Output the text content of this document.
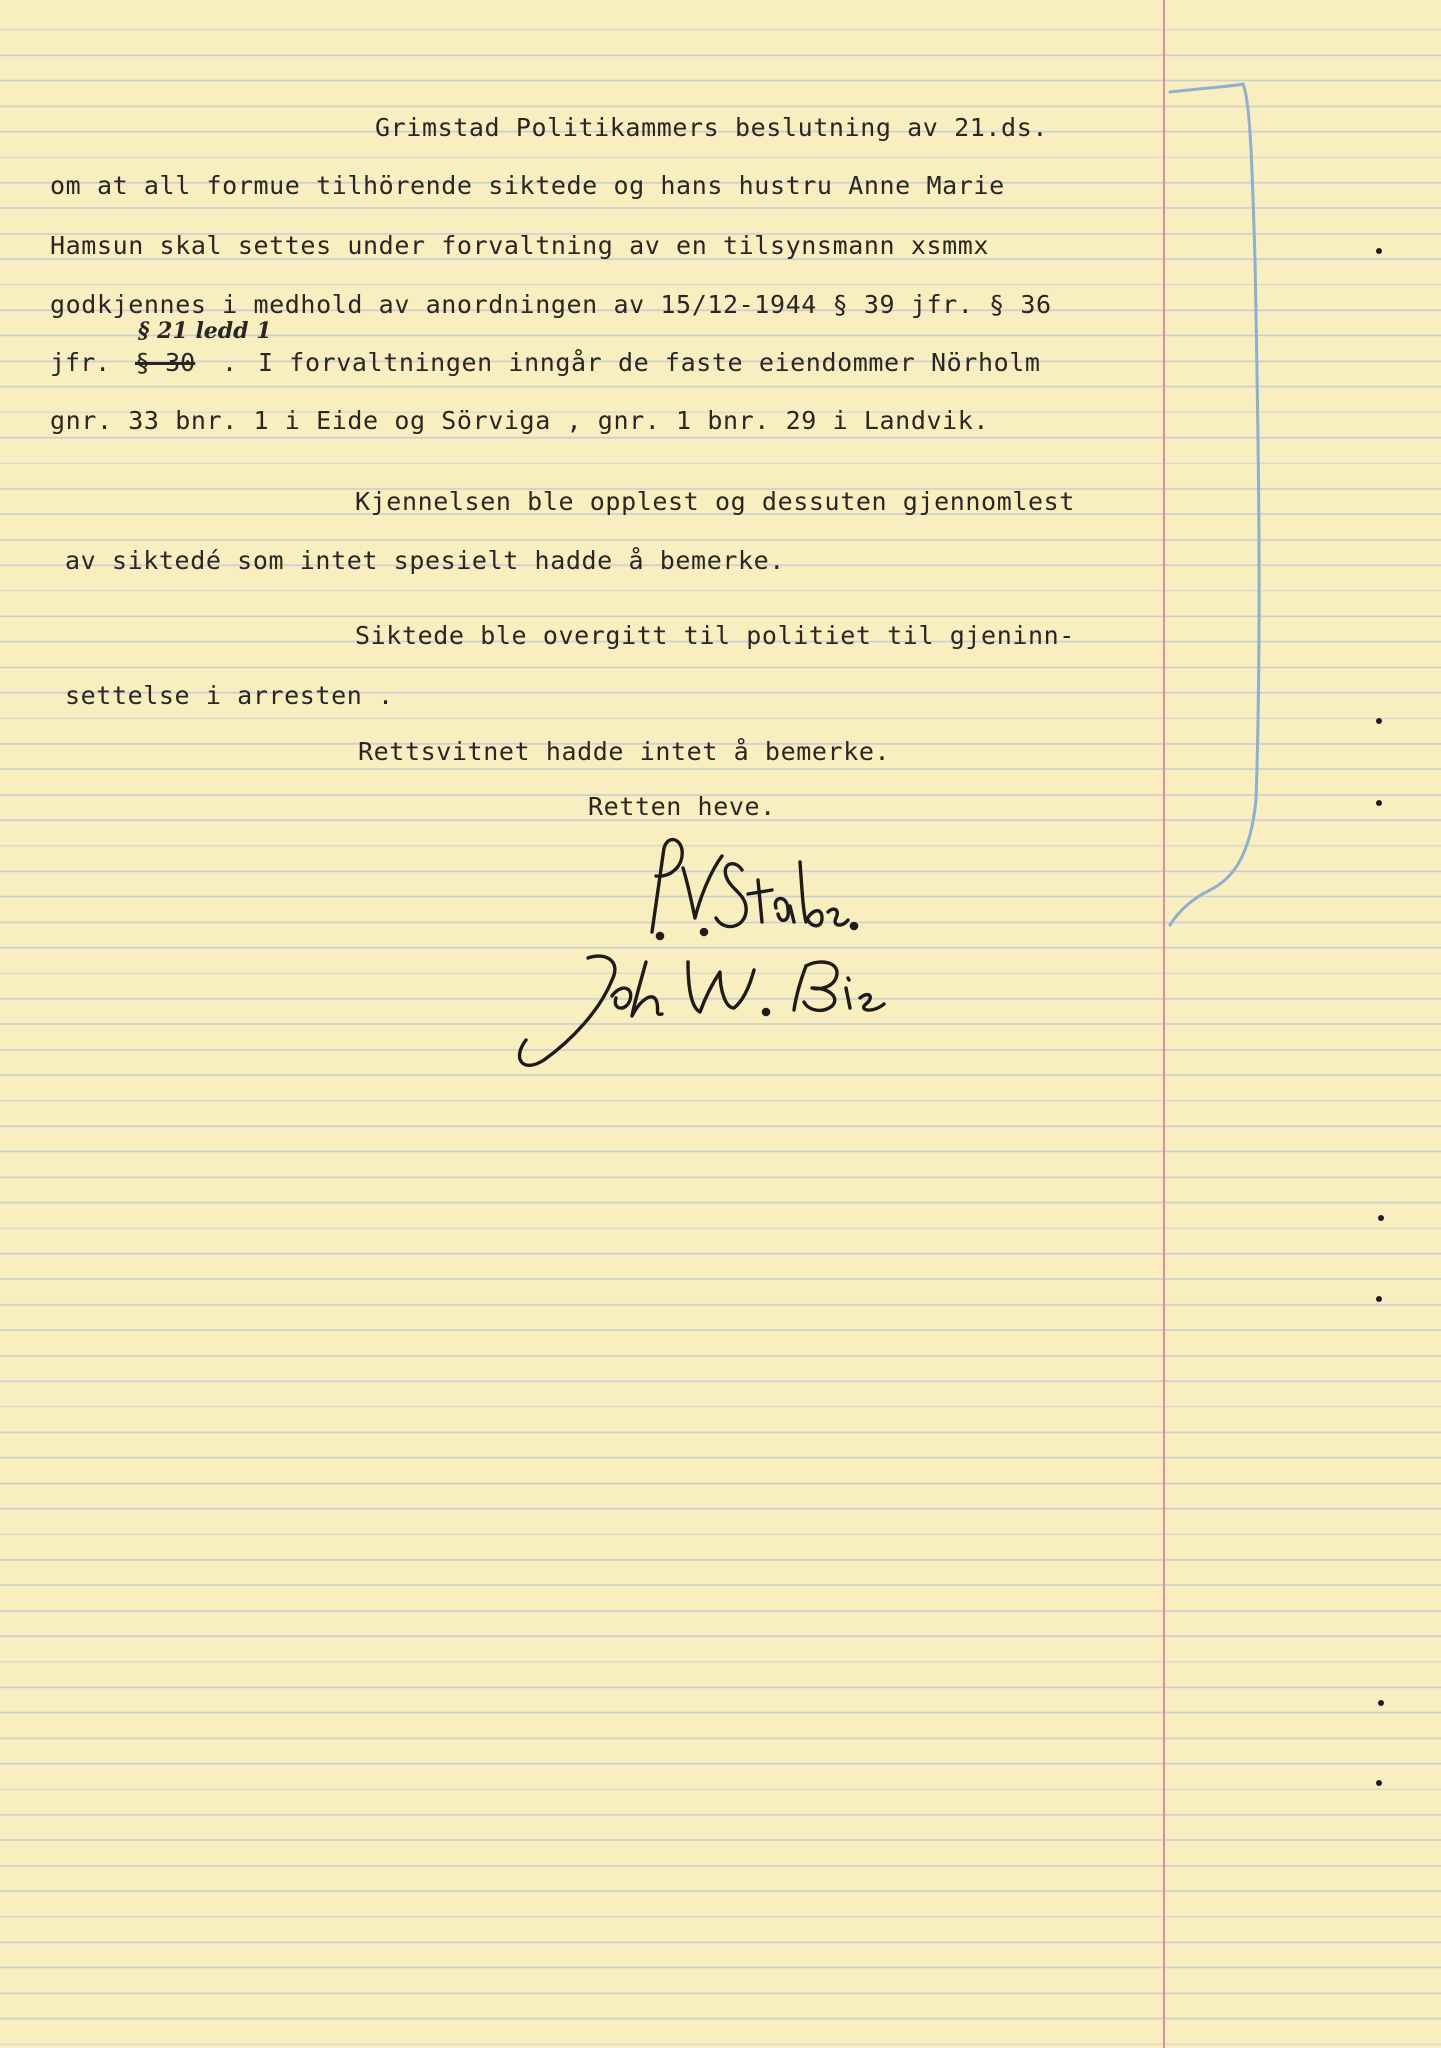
Grimstad Politikammers beslutning av 21.ds.
om at all formue tilhörende siktede og hans hustru Anne Marie
Hamsun skal settes under forvaltning av en tilsynsmann xsmmx
godkjennes i medhold av anordningen av 15/12-1944 § 39 jfr. § 36
§ 21 ledd 1
jfr. § 30 . I forvaltningen inngår de faste eiendommer Nörholm
gnr. 33 bnr. 1 i Eide og Sörviga , gnr. 1 bnr. 29 i Landvik.
Kjennelsen ble opplest og dessuten gjennomlest
av siktedé som intet spesielt hadde å bemerke.
Siktede ble overgitt til politiet til gjeninn-
settelse i arresten .
Rettsvitnet hadde intet å bemerke.
Retten heve.
